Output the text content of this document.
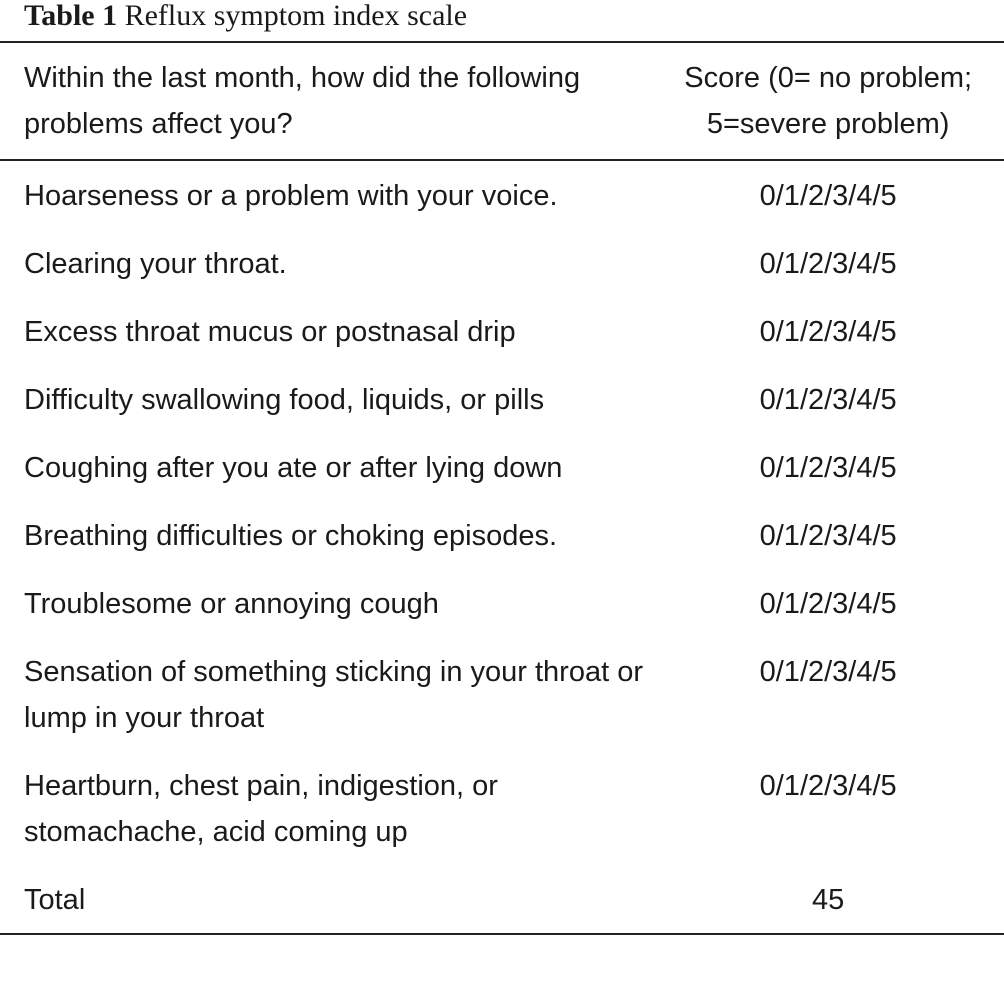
Table 1 Reflux symptom index scale
Within the last month, how did the following problems affect you?	Score (0= no problem; 5=severe problem)
Hoarseness or a problem with your voice.	0/1/2/3/4/5
Clearing your throat.	0/1/2/3/4/5
Excess throat mucus or postnasal drip	0/1/2/3/4/5
Difficulty swallowing food, liquids, or pills	0/1/2/3/4/5
Coughing after you ate or after lying down	0/1/2/3/4/5
Breathing difficulties or choking episodes.	0/1/2/3/4/5
Troublesome or annoying cough	0/1/2/3/4/5
Sensation of something sticking in your throat or lump in your throat	0/1/2/3/4/5
Heartburn, chest pain, indigestion, or stomachache, acid coming up	0/1/2/3/4/5
Total	45
